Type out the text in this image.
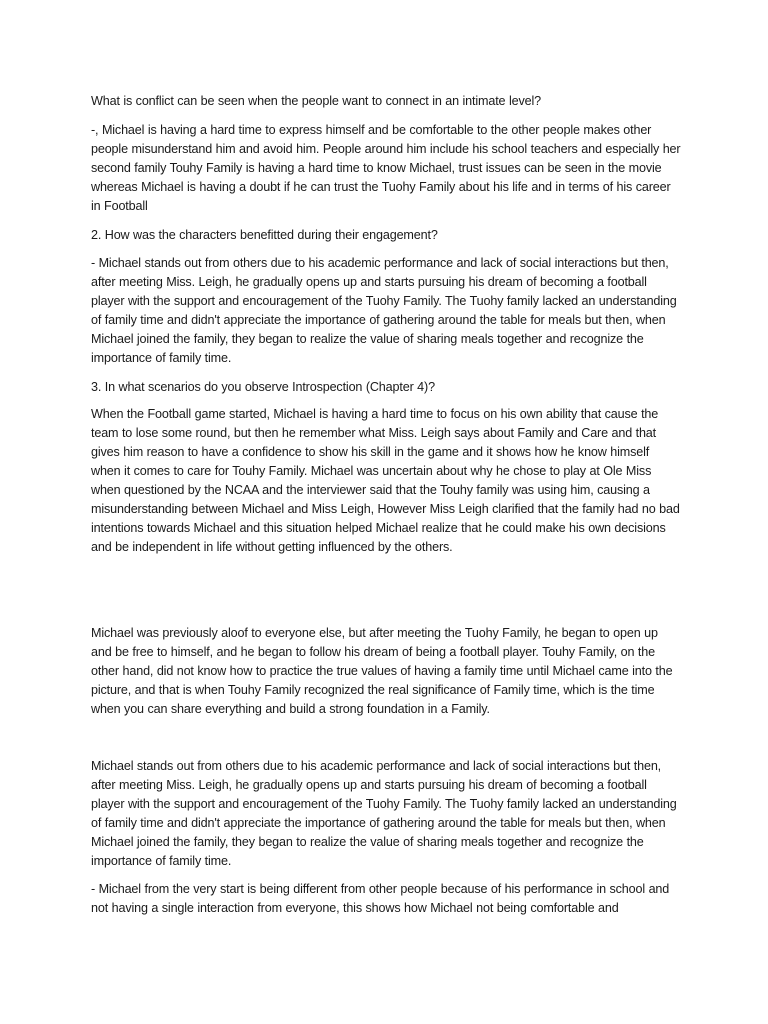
What is conflict can be seen when the people want to connect in an intimate level?

-, Michael is having a hard time to express himself and be comfortable to the other people makes other people misunderstand him and avoid him. People around him include his school teachers and especially her second family Touhy Family is having a hard time to know Michael, trust issues can be seen in the movie whereas Michael is having a doubt if he can trust the Tuohy Family about his life and in terms of his career in Football

2. How was the characters benefitted during their engagement?

- Michael stands out from others due to his academic performance and lack of social interactions but then, after meeting Miss. Leigh, he gradually opens up and starts pursuing his dream of becoming a football player with the support and encouragement of the Tuohy Family. The Tuohy family lacked an understanding of family time and didn't appreciate the importance of gathering around the table for meals but then, when Michael joined the family, they began to realize the value of sharing meals together and recognize the importance of family time.

3. In what scenarios do you observe Introspection (Chapter 4)?

When the Football game started, Michael is having a hard time to focus on his own ability that cause the team to lose some round, but then he remember what Miss. Leigh says about Family and Care and that gives him reason to have a confidence to show his skill in the game and it shows how he know himself when it comes to care for Touhy Family. Michael was uncertain about why he chose to play at Ole Miss when questioned by the NCAA and the interviewer said that the Touhy family was using him, causing a misunderstanding between Michael and Miss Leigh, However Miss Leigh clarified that the family had no bad intentions towards Michael and this situation helped Michael realize that he could make his own decisions and be independent in life without getting influenced by the others.

Michael was previously aloof to everyone else, but after meeting the Tuohy Family, he began to open up and be free to himself, and he began to follow his dream of being a football player. Touhy Family, on the other hand, did not know how to practice the true values of having a family time until Michael came into the picture, and that is when Touhy Family recognized the real significance of Family time, which is the time when you can share everything and build a strong foundation in a Family.

Michael stands out from others due to his academic performance and lack of social interactions but then, after meeting Miss. Leigh, he gradually opens up and starts pursuing his dream of becoming a football player with the support and encouragement of the Tuohy Family. The Tuohy family lacked an understanding of family time and didn't appreciate the importance of gathering around the table for meals but then, when Michael joined the family, they began to realize the value of sharing meals together and recognize the importance of family time.

- Michael from the very start is being different from other people because of his performance in school and not having a single interaction from everyone, this shows how Michael not being comfortable and
